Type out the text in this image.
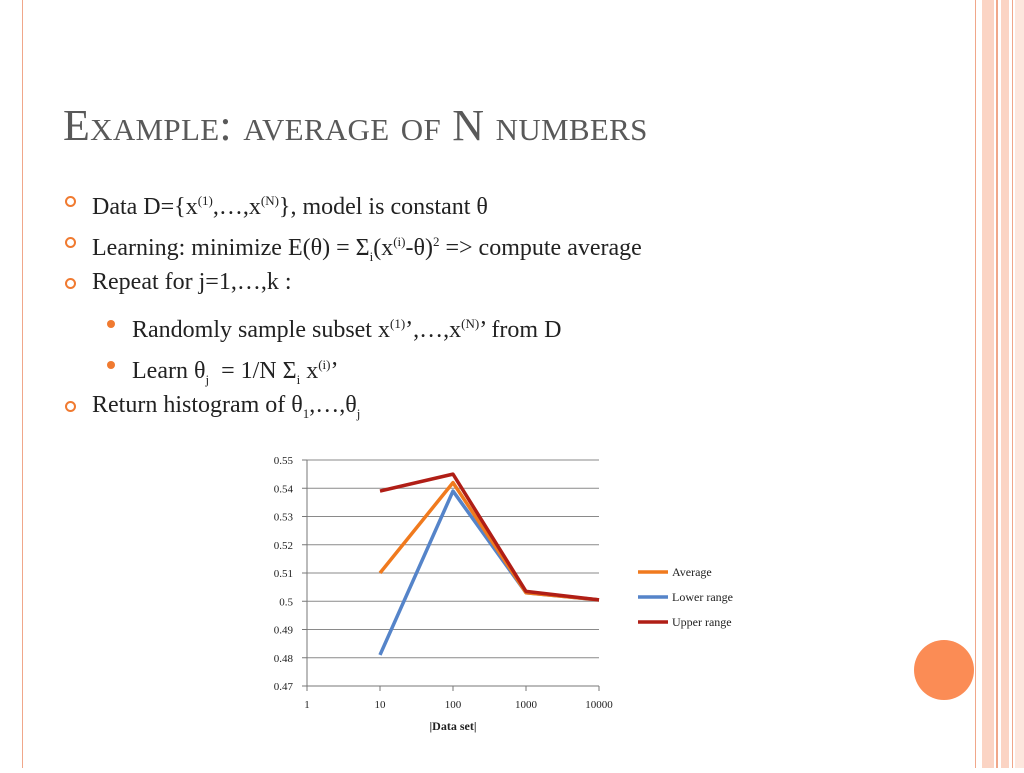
Example: average of N numbers
Data $D=\{x^{(1)},\dots,x^{(N)}\}$, model is constant θ
Learning: minimize $E(\theta) = \Sigma_i(x^{(i)}-\theta)^2$ => compute average
Repeat for j=1,…,k :
Randomly sample subset $x^{(1)}’,\dots,x^{(N)}$’ from D
Learn $\theta_j = 1/N$ $\Sigma_i$ $x^{(i)}$’
Return histogram of $\theta_1,\dots,\theta_j$
0.47
0.48
0.49
0.5
0.51
0.52
0.53
0.54
0.55
1	10	100	1000	10000
|Data set|
Average
Lower range
Upper range
